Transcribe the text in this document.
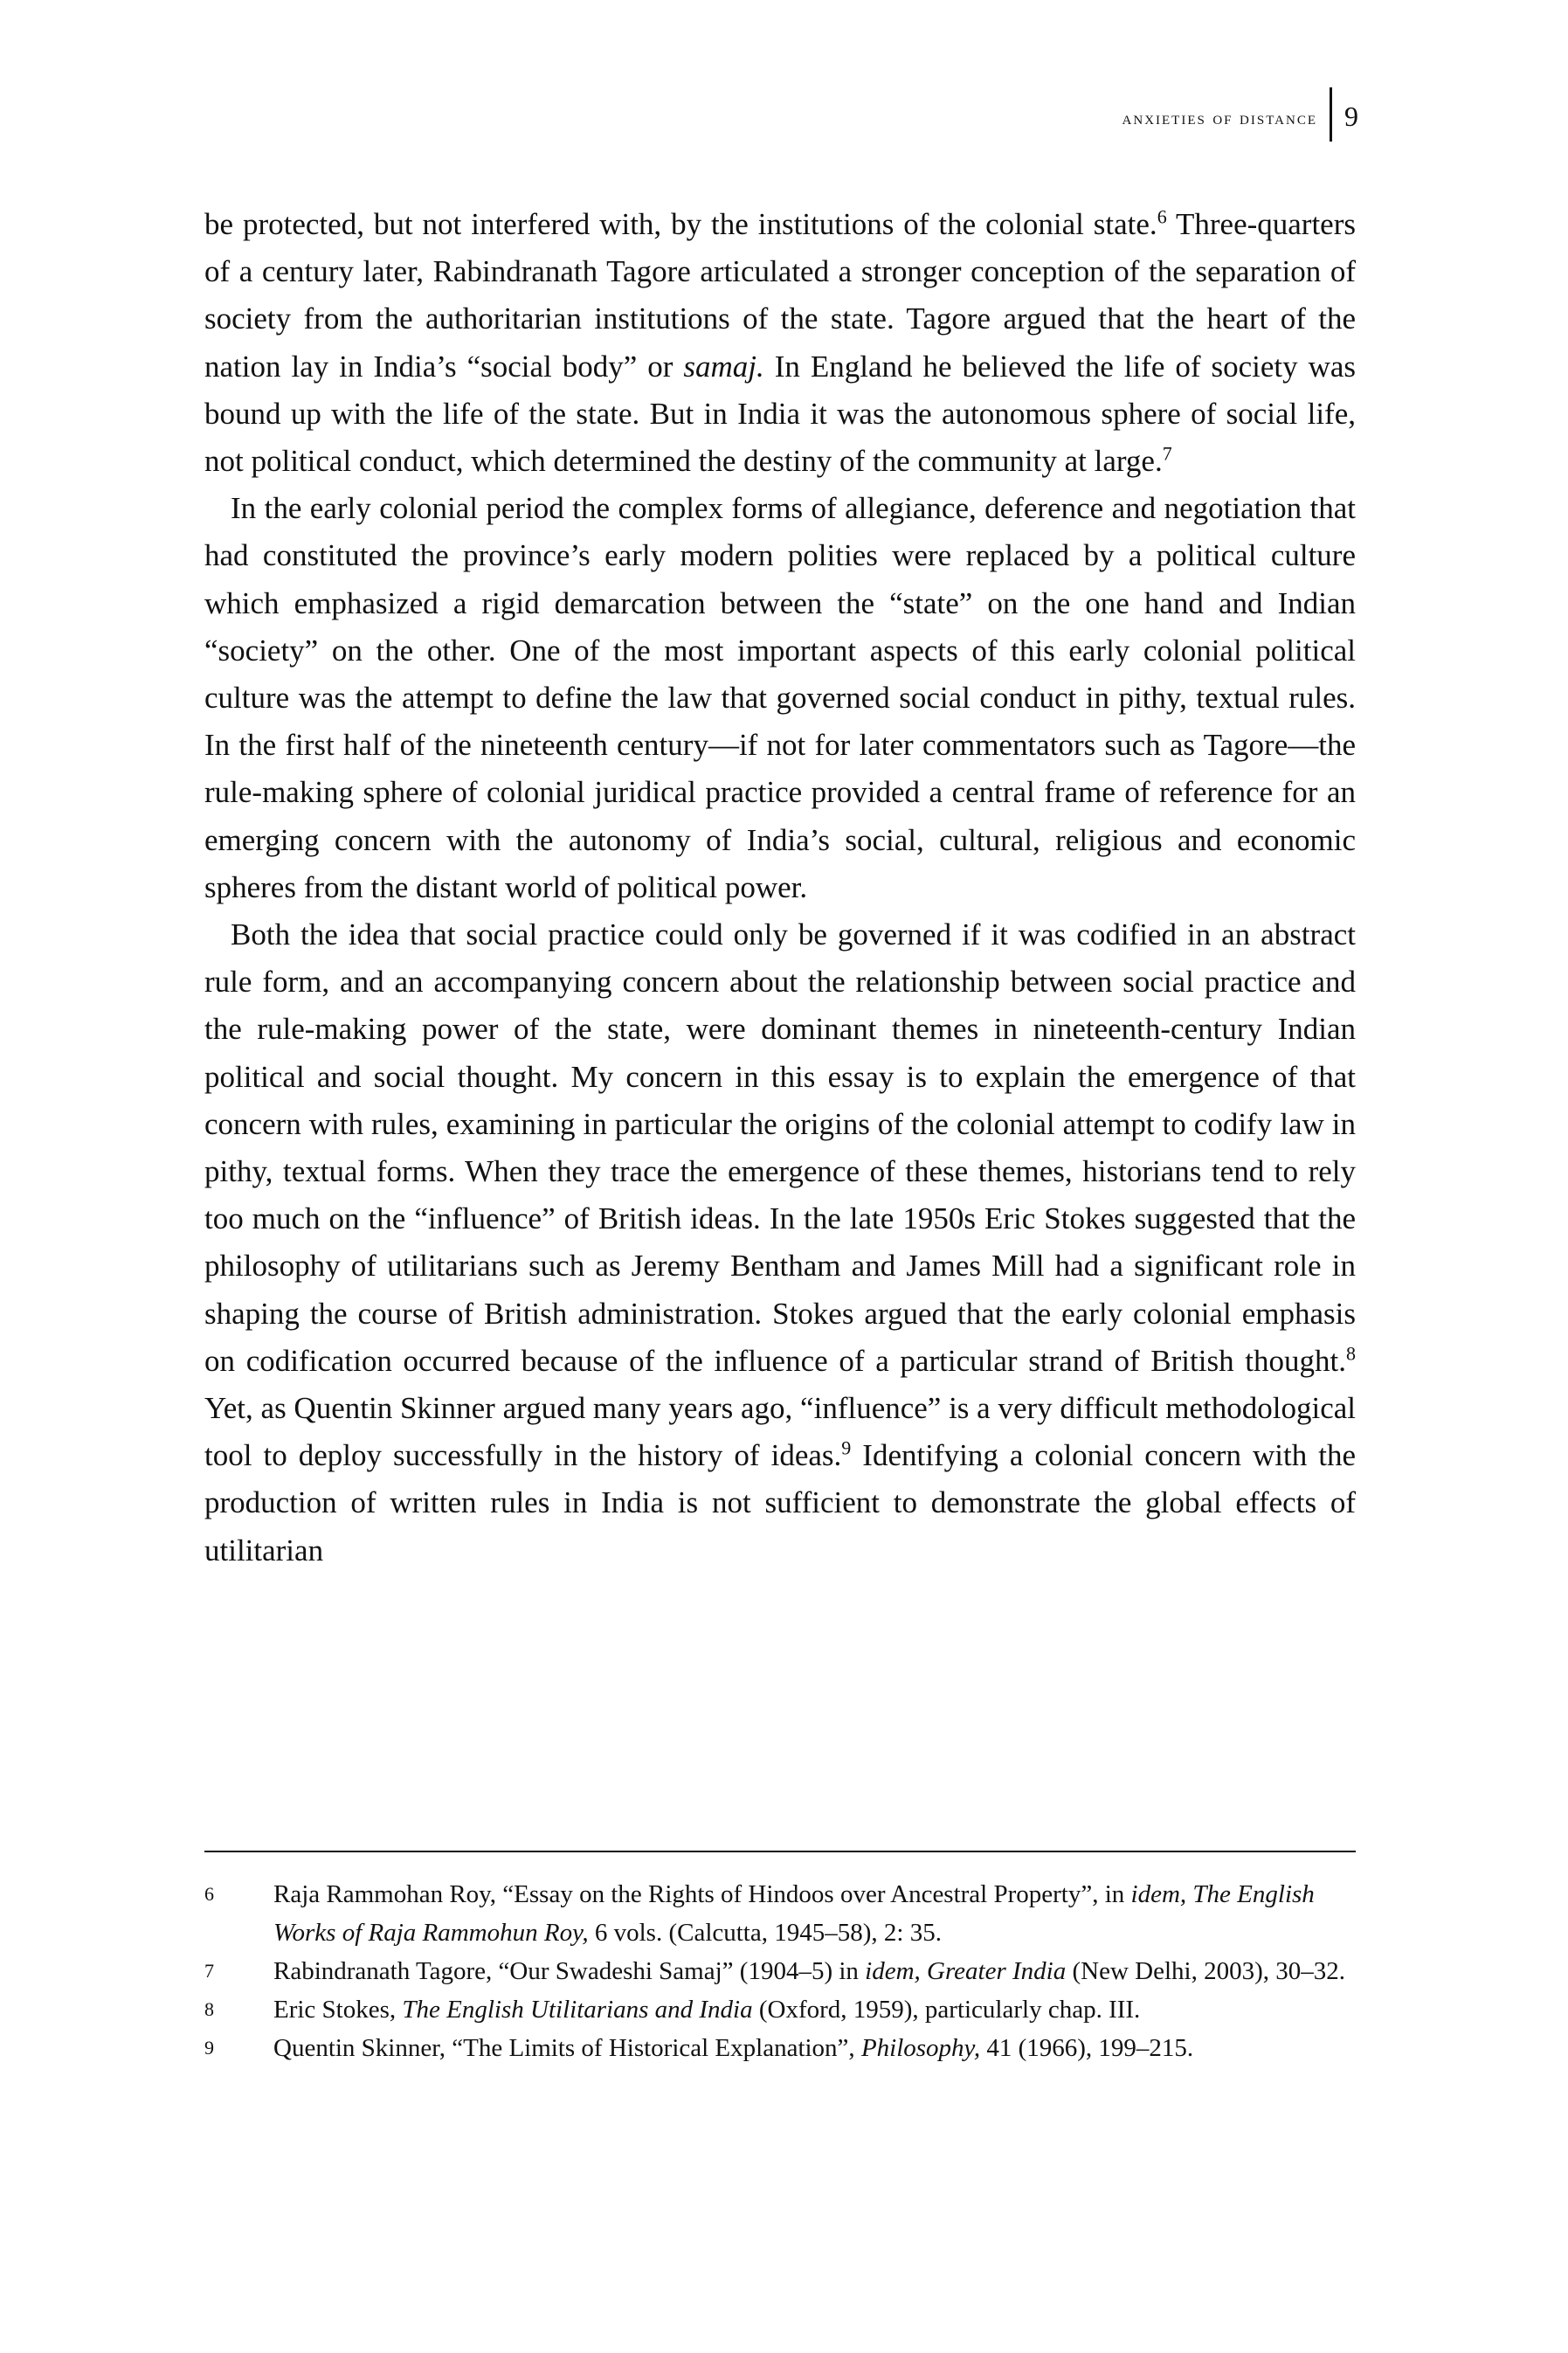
anxieties of distance 9

be protected, but not interfered with, by the institutions of the colonial state.$^6$ Three-quarters of a century later, Rabindranath Tagore articulated a stronger conception of the separation of society from the authoritarian institutions of the state. Tagore argued that the heart of the nation lay in India’s “social body” or samaj. In England he believed the life of society was bound up with the life of the state. But in India it was the autonomous sphere of social life, not political conduct, which determined the destiny of the community at large.$^7$

In the early colonial period the complex forms of allegiance, deference and negotiation that had constituted the province’s early modern polities were replaced by a political culture which emphasized a rigid demarcation between the “state” on the one hand and Indian “society” on the other. One of the most important aspects of this early colonial political culture was the attempt to define the law that governed social conduct in pithy, textual rules. In the first half of the nineteenth century—if not for later commentators such as Tagore—the rule-making sphere of colonial juridical practice provided a central frame of reference for an emerging concern with the autonomy of India’s social, cultural, religious and economic spheres from the distant world of political power.

Both the idea that social practice could only be governed if it was codified in an abstract rule form, and an accompanying concern about the relationship between social practice and the rule-making power of the state, were dominant themes in nineteenth-century Indian political and social thought. My concern in this essay is to explain the emergence of that concern with rules, examining in particular the origins of the colonial attempt to codify law in pithy, textual forms. When they trace the emergence of these themes, historians tend to rely too much on the “influence” of British ideas. In the late 1950s Eric Stokes suggested that the philosophy of utilitarians such as Jeremy Bentham and James Mill had a significant role in shaping the course of British administration. Stokes argued that the early colonial emphasis on codification occurred because of the influence of a particular strand of British thought.$^8$ Yet, as Quentin Skinner argued many years ago, “influence” is a very difficult methodological tool to deploy successfully in the history of ideas.$^9$ Identifying a colonial concern with the production of written rules in India is not sufficient to demonstrate the global effects of utilitarian

6	Raja Rammohan Roy, “Essay on the Rights of Hindoos over Ancestral Property”, in idem, The English Works of Raja Rammohun Roy, 6 vols. (Calcutta, 1945–58), 2: 35.
7	Rabindranath Tagore, “Our Swadeshi Samaj” (1904–5) in idem, Greater India (New Delhi, 2003), 30–32.
8	Eric Stokes, The English Utilitarians and India (Oxford, 1959), particularly chap. III.
9	Quentin Skinner, “The Limits of Historical Explanation”, Philosophy, 41 (1966), 199–215.
